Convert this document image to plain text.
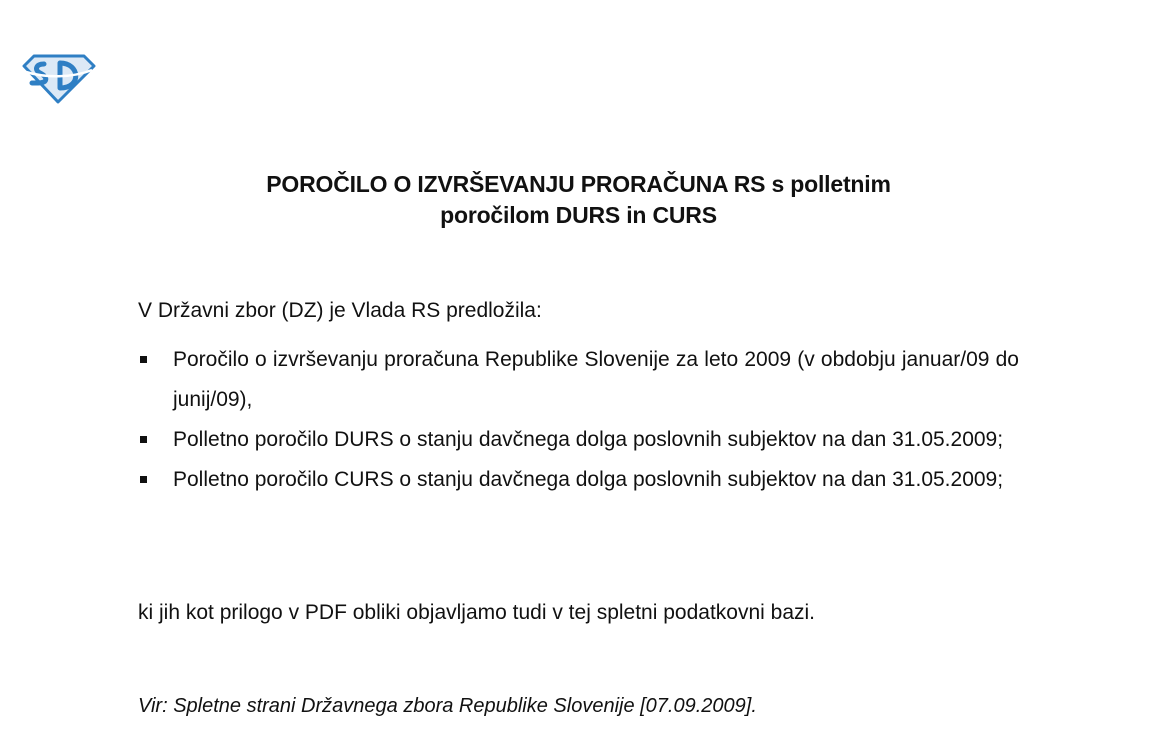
POROČILO O IZVRŠEVANJU PRORAČUNA RS s polletnim
poročilom DURS in CURS
V Državni zbor (DZ) je Vlada RS predložila:
Poročilo o izvrševanju proračuna Republike Slovenije za leto 2009 (v obdobju januar/09 do junij/09),
Polletno poročilo DURS o stanju davčnega dolga poslovnih subjektov na dan 31.05.2009;
Polletno poročilo CURS o stanju davčnega dolga poslovnih subjektov na dan 31.05.2009;
ki jih kot prilogo v PDF obliki objavljamo tudi v tej spletni podatkovni bazi.
Vir: Spletne strani Državnega zbora Republike Slovenije [07.09.2009].
